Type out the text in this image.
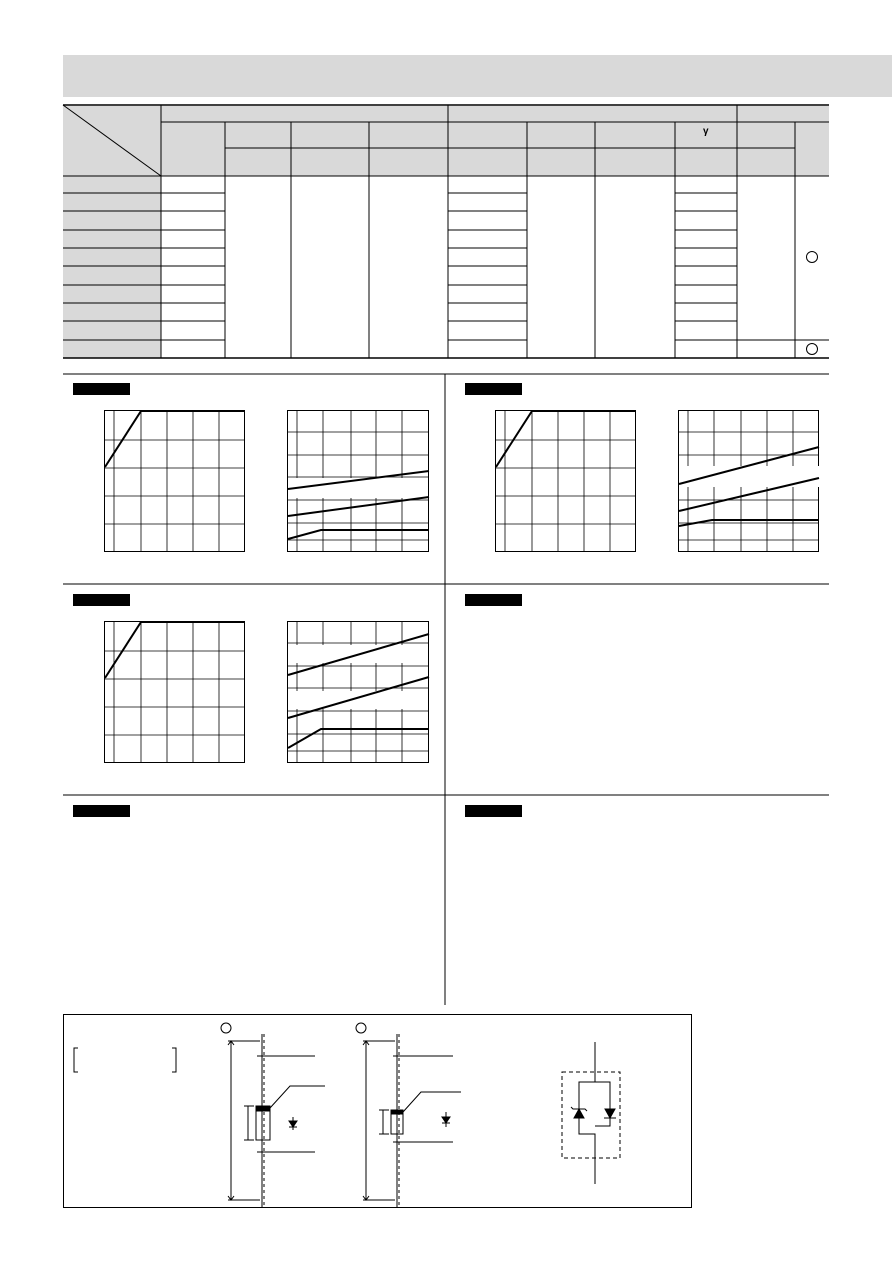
γ
